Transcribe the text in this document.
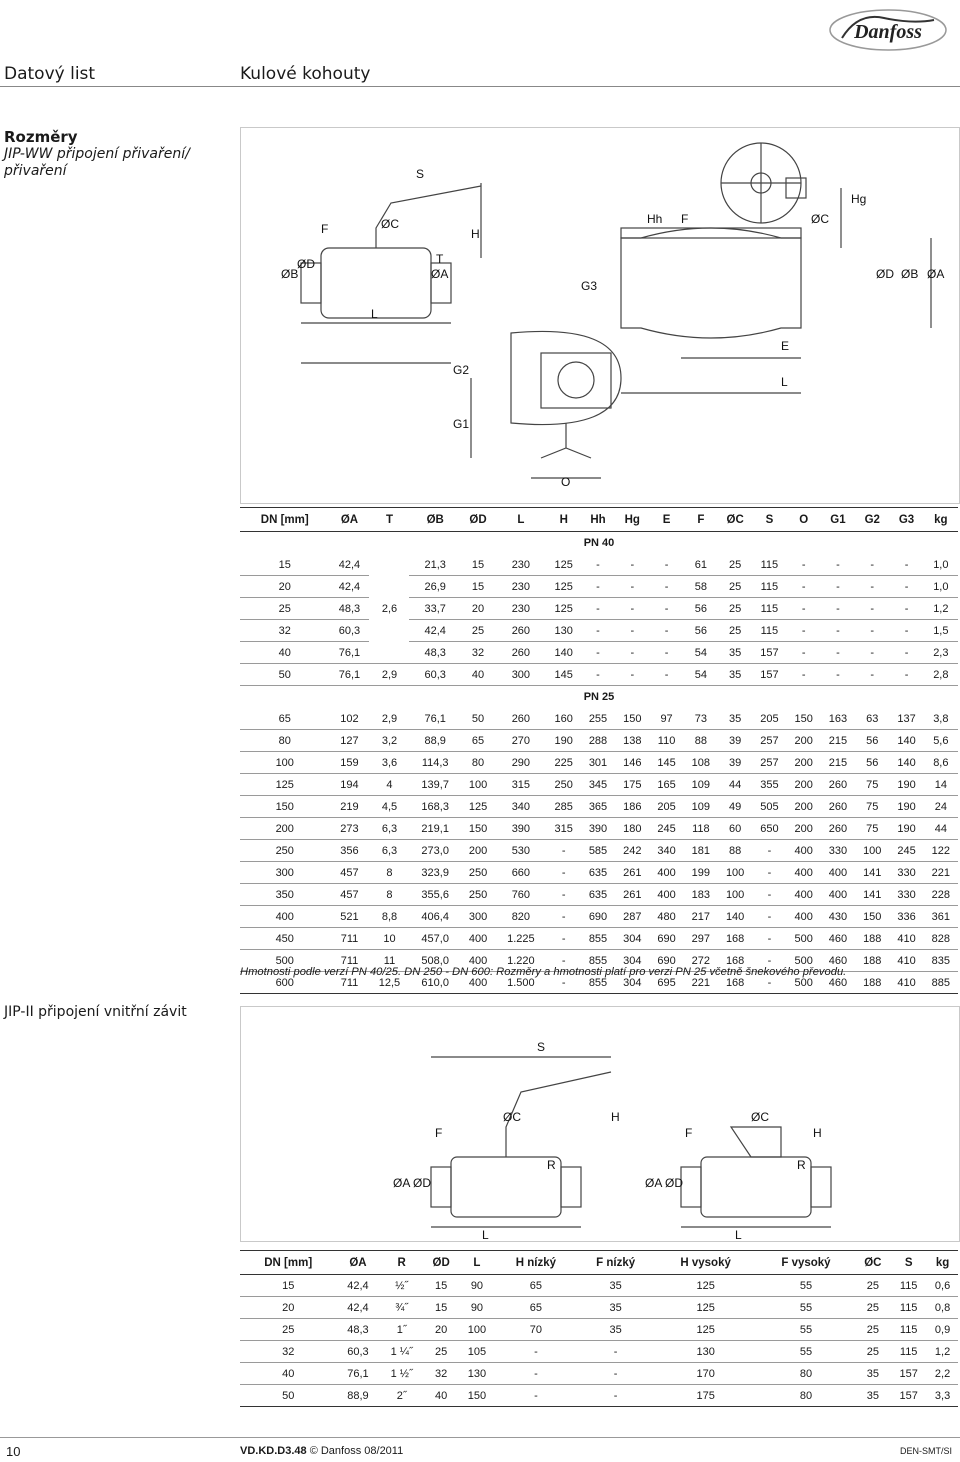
Danfoss
Datový list	Kulové kohouty
Rozměry
JIP-WW připojení přivaření/ přivaření
ØB
ØD
F	ØC
S
ØA
T
H
L
G3
Hh F	ØC
Hg
ØD ØB ØA
E
L
G2
G1
O
DN [mm]	ØA	T	ØB	ØD	L	H	Hh	Hg	E	F	ØC	S	O	G1	G2	G3	kg
PN 40																	
15	42,4	2,6	21,3	15	230	125	-	-	-	61	25	115	-	-	-	-	1,0
20	42,4		26,9	15	230	125	-	-	-	58	25	115	-	-	-	-	1,0
25	48,3		33,7	20	230	125	-	-	-	56	25	115	-	-	-	-	1,2
32	60,3		42,4	25	260	130	-	-	-	56	25	115	-	-	-	-	1,5
40	76,1		48,3	32	260	140	-	-	-	54	35	157	-	-	-	-	2,3
50	76,1	2,9	60,3	40	300	145	-	-	-	54	35	157	-	-	-	-	2,8
PN 25																	
65	102	2,9	76,1	50	260	160	255	150	97	73	35	205	150	163	63	137	3,8
80	127	3,2	88,9	65	270	190	288	138	110	88	39	257	200	215	56	140	5,6
100	159	3,6	114,3	80	290	225	301	146	145	108	39	257	200	215	56	140	8,6
125	194	4	139,7	100	315	250	345	175	165	109	44	355	200	260	75	190	14
150	219	4,5	168,3	125	340	285	365	186	205	109	49	505	200	260	75	190	24
200	273	6,3	219,1	150	390	315	390	180	245	118	60	650	200	260	75	190	44
250	356	6,3	273,0	200	530	-	585	242	340	181	88	-	400	330	100	245	122
300	457	8	323,9	250	660	-	635	261	400	199	100	-	400	400	141	330	221
350	457	8	355,6	250	760	-	635	261	400	183	100	-	400	400	141	330	228
400	521	8,8	406,4	300	820	-	690	287	480	217	140	-	400	430	150	336	361
450	711	10	457,0	400	1.225	-	855	304	690	297	168	-	500	460	188	410	828
500	711	11	508,0	400	1.220	-	855	304	690	272	168	-	500	460	188	410	835
600	711	12,5	610,0	400	1.500	-	855	304	695	221	168	-	500	460	188	410	885
Hmotnosti podle verzí PN 40/25. DN 250 - DN 600: Rozměry a hmotnosti platí pro verzi PN 25 včetně šnekového převodu.
JIP-II připojení vnitřní závit
S
F
ØC	H
ØA ØD
R
L
F
ØC
H
ØA ØD
R
L
DN [mm]	ØA	R	ØD	L	H nízký	F nízký	H vysoký	F vysoký	ØC	S	kg
15	42,4	½˝	15	90	65	35	125	55	25	115	0,6
20	42,4	¾˝	15	90	65	35	125	55	25	115	0,8
25	48,3	1˝	20	100	70	35	125	55	25	115	0,9
32	60,3	1 ¼˝	25	105	-	-	130	55	25	115	1,2
40	76,1	1 ½˝	32	130	-	-	170	80	35	157	2,2
50	88,9	2˝	40	150	-	-	175	80	35	157	3,3
10	VD.KD.D3.48 © Danfoss 08/2011	DEN-SMT/SI
